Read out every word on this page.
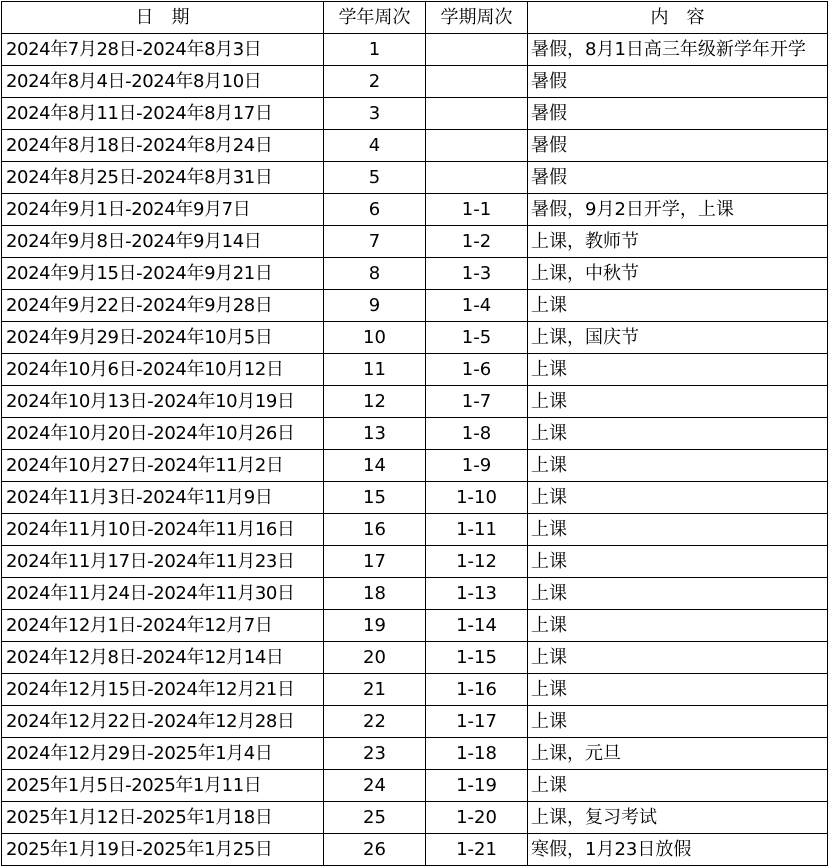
日　期	学年周次	学期周次	内　容
2024年7月28日-2024年8月3日	1		暑假，8月1日高三年级新学年开学
2024年8月4日-2024年8月10日	2		暑假
2024年8月11日-2024年8月17日	3		暑假
2024年8月18日-2024年8月24日	4		暑假
2024年8月25日-2024年8月31日	5		暑假
2024年9月1日-2024年9月7日	6	1-1	暑假，9月2日开学，上课
2024年9月8日-2024年9月14日	7	1-2	上课，教师节
2024年9月15日-2024年9月21日	8	1-3	上课，中秋节
2024年9月22日-2024年9月28日	9	1-4	上课
2024年9月29日-2024年10月5日	10	1-5	上课，国庆节
2024年10月6日-2024年10月12日	11	1-6	上课
2024年10月13日-2024年10月19日	12	1-7	上课
2024年10月20日-2024年10月26日	13	1-8	上课
2024年10月27日-2024年11月2日	14	1-9	上课
2024年11月3日-2024年11月9日	15	1-10	上课
2024年11月10日-2024年11月16日	16	1-11	上课
2024年11月17日-2024年11月23日	17	1-12	上课
2024年11月24日-2024年11月30日	18	1-13	上课
2024年12月1日-2024年12月7日	19	1-14	上课
2024年12月8日-2024年12月14日	20	1-15	上课
2024年12月15日-2024年12月21日	21	1-16	上课
2024年12月22日-2024年12月28日	22	1-17	上课
2024年12月29日-2025年1月4日	23	1-18	上课，元旦
2025年1月5日-2025年1月11日	24	1-19	上课
2025年1月12日-2025年1月18日	25	1-20	上课，复习考试
2025年1月19日-2025年1月25日	26	1-21	寒假，1月23日放假
